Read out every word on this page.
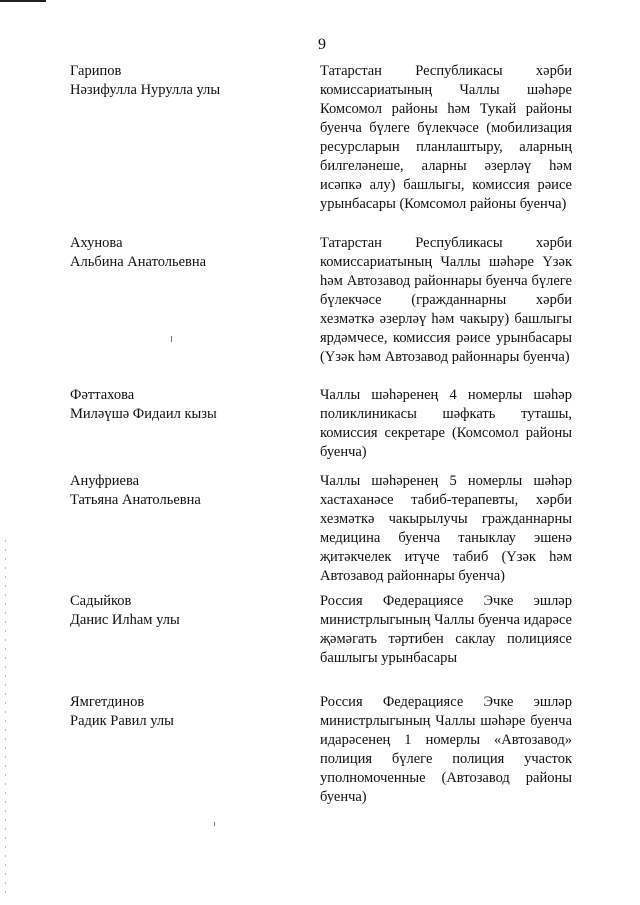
9
Гарипов
Нәзифулла Нурулла улы
Татарстан Республикасы хәрби комиссариатының Чаллы шәһәре Комсомол районы һәм Тукай районы буенча бүлеге бүлекчәсе (мобилизация ресурсларын планлаштыру, аларның билгеләнеше, аларны әзерләү һәм исәпкә алу) башлыгы, комиссия рәисе урынбасары (Комсомол районы буенча)
Ахунова
Альбина Анатольевна
Татарстан Республикасы хәрби комиссариатының Чаллы шәһәре Үзәк һәм Автозавод районнары буенча бүлеге бүлекчәсе (гражданнарны хәрби хезмәткә әзерләү һәм чакыру) башлыгы ярдәмчесе, комиссия рәисе урынбасары (Үзәк һәм Автозавод районнары буенча)
Фәттахова
Миләүшә Фидаил кызы
Чаллы шәһәренең 4 номерлы шәһәр поликлиникасы шәфкать туташы, комиссия секретаре (Комсомол районы буенча)
Ануфриева
Татьяна Анатольевна
Чаллы шәһәренең 5 номерлы шәһәр хастаханәсе табиб-терапевты, хәрби хезмәткә чакырылучы гражданнарны медицина буенча таныклау эшенә җитәкчелек итүче табиб (Үзәк һәм Автозавод районнары буенча)
Садыйков
Данис Илһам улы
Россия Федерациясе Эчке эшләр министрлыгының Чаллы буенча идарәсе җәмәгать тәртибен саклау полициясе башлыгы урынбасары
Ямгетдинов
Радик Равил улы
Россия Федерациясе Эчке эшләр министрлыгының Чаллы шәһәре буенча идарәсенең 1 номерлы «Автозавод» полиция бүлеге полиция участок уполномоченные (Автозавод районы буенча)
